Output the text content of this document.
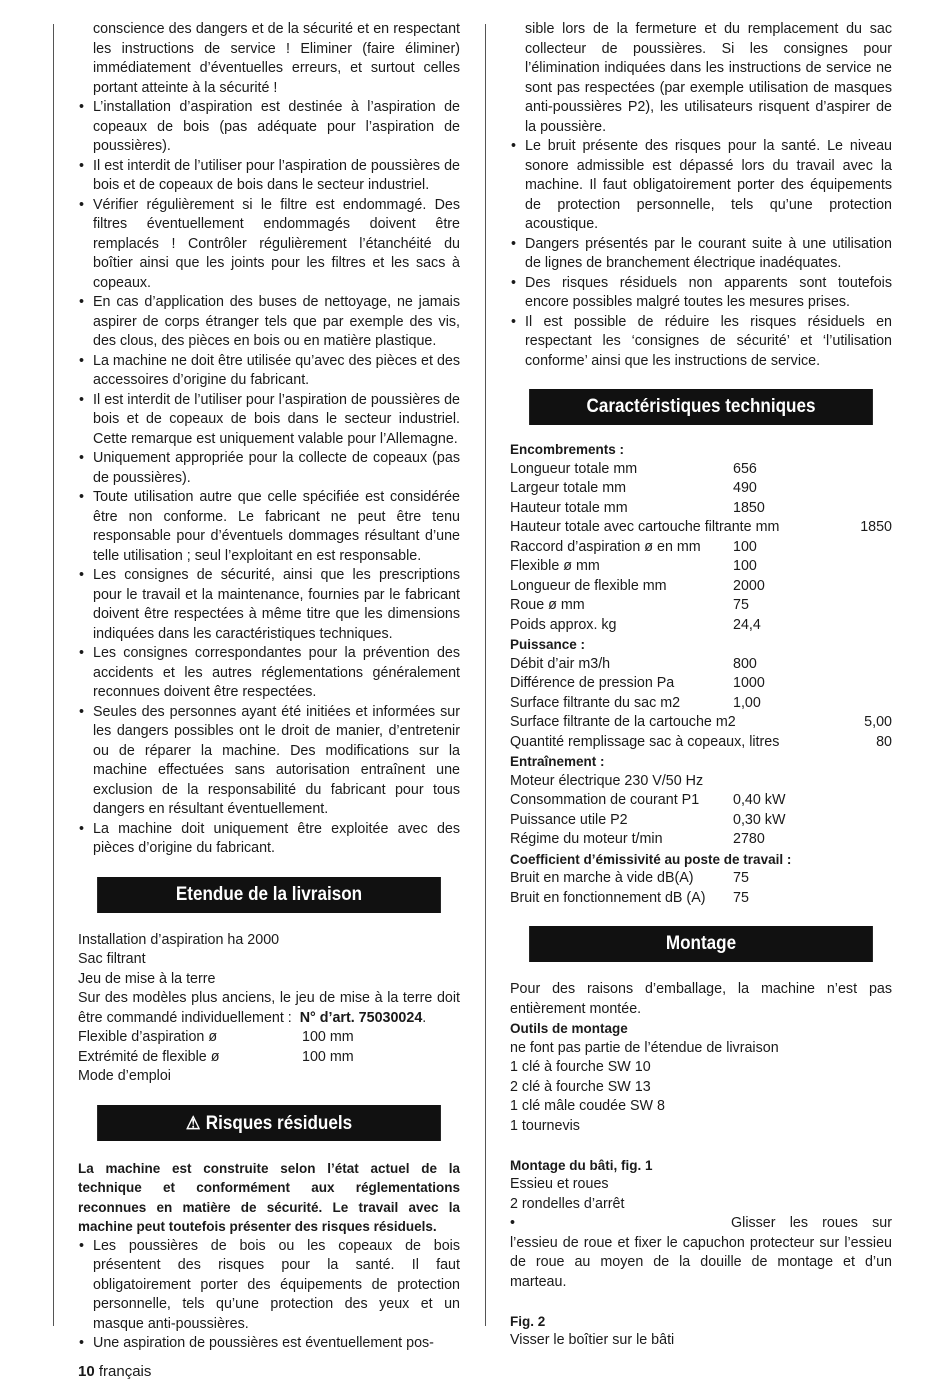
conscience des dangers et de la sécurité et en respectant les instructions de service ! Eliminer (faire éliminer) immédiatement d’éventuelles erreurs, et surtout celles portant atteinte à la sécurité !
• L’installation d’aspiration est destinée à l’aspiration de copeaux de bois (pas adéquate pour l’aspiration de poussières).
• Il est interdit de l’utiliser pour l’aspiration de poussières de bois et de copeaux de bois dans le secteur industriel.
• Vérifier régulièrement si le filtre est endommagé. Des filtres éventuellement endommagés doivent être remplacés ! Contrôler régulièrement l’étanchéité du boîtier ainsi que les joints pour les filtres et les sacs à copeaux.
• En cas d’application des buses de nettoyage, ne jamais aspirer de corps étranger tels que par exemple des vis, des clous, des pièces en bois ou en matière plastique.
• La machine ne doit être utilisée qu’avec des pièces et des accessoires d’origine du fabricant.
• Il est interdit de l’utiliser pour l’aspiration de poussières de bois et de copeaux de bois dans le secteur industriel. Cette remarque est uniquement valable pour l’Allemagne.
• Uniquement appropriée pour la collecte de copeaux (pas de poussières).
• Toute utilisation autre que celle spécifiée est considérée être non conforme. Le fabricant ne peut être tenu responsable pour d’éventuels dommages résultant d’une telle utilisation ; seul l’exploitant en est responsable.
• Les consignes de sécurité, ainsi que les prescriptions pour le travail et la maintenance, fournies par le fabricant doivent être respectées à même titre que les dimensions indiquées dans les caractéristiques techniques.
• Les consignes correspondantes pour la prévention des accidents et les autres réglementations généralement reconnues doivent être respectées.
• Seules des personnes ayant été initiées et informées sur les dangers possibles ont le droit de manier, d’entretenir ou de réparer la machine. Des modifications sur la machine effectuées sans autorisation entraînent une exclusion de la responsabilité du fabricant pour tous dangers en résultant éventuellement.
• La machine doit uniquement être exploitée avec des pièces d’origine du fabricant.
Etendue de la livraison

Installation d’aspiration ha 2000

Sac filtrant

Jeu de mise à la terre

Sur des modèles plus anciens, le jeu de mise à la terre doit être commandé individuellement : N° d’art. 75030024.

Flexible d’aspiration ø	100 mm
Extrémité de flexible ø	100 mm

Mode d’emploi

⚠ Risques résiduels

La machine est construite selon l’état actuel de la technique et conformément aux réglementations reconnues en matière de sécurité. Le travail avec la machine peut toutefois présenter des risques résiduels.

• Les poussières de bois ou les copeaux de bois présentent des risques pour la santé. Il faut obligatoirement porter des équipements de protection personnelle, tels qu’une protection des yeux et un masque anti-poussières.
• Une aspiration de poussières est éventuellement pos-
sible lors de la fermeture et du remplacement du sac collecteur de poussières. Si les consignes pour l’élimination indiquées dans les instructions de service ne sont pas respectées (par exemple utilisation de masques anti-poussières P2), les utilisateurs risquent d’aspirer de la poussière.
• Le bruit présente des risques pour la santé. Le niveau sonore admissible est dépassé lors du travail avec la machine. Il faut obligatoirement porter des équipements de protection personnelle, tels qu’une protection acoustique.
• Dangers présentés par le courant suite à une utilisation de lignes de branchement électrique inadéquates.
• Des risques résiduels non apparents sont toutefois encore possibles malgré toutes les mesures prises.
• Il est possible de réduire les risques résiduels en respectant les ‘consignes de sécurité’ et ‘l’utilisation conforme’ ainsi que les instructions de service.
Caractéristiques techniques
Encombrements :
Longueur totale mm	656
Largeur totale mm	490
Hauteur totale mm	1850
Hauteur totale avec cartouche filtrante mm	1850
Raccord d’aspiration ø en mm	100
Flexible ø mm	100
Longueur de flexible mm	2000
Roue ø mm	75
Poids approx. kg	24,4
Puissance :
Débit d’air m3/h	800
Différence de pression Pa	1000
Surface filtrante du sac m2	1,00
Surface filtrante de la cartouche m2	5,00
Quantité remplissage sac à copeaux, litres	80
Entraînement :

Moteur électrique 230 V/50 Hz

Consommation de courant P1	0,40 kW
Puissance utile P2	0,30 kW
Régime du moteur t/min	2780
Coefficient d’émissivité au poste de travail :
Bruit en marche à vide dB(A)	75
Bruit en fonctionnement dB (A)	75
Montage

Pour des raisons d’emballage, la machine n’est pas entièrement montée.

Outils de montage

ne font pas partie de l’étendue de livraison

1 clé à fourche SW 10

2 clé à fourche SW 13

1 clé mâle coudée SW 8

1 tournevis

Montage du bâti, fig. 1

Essieu et roues

2 rondelles d’arrêt

•	Glisser les roues sur l’essieu de roue et fixer le capuchon protecteur sur l’essieu de roue au moyen de la douille de montage et d’un marteau.

Fig. 2

Visser le boîtier sur le bâti

10 français
